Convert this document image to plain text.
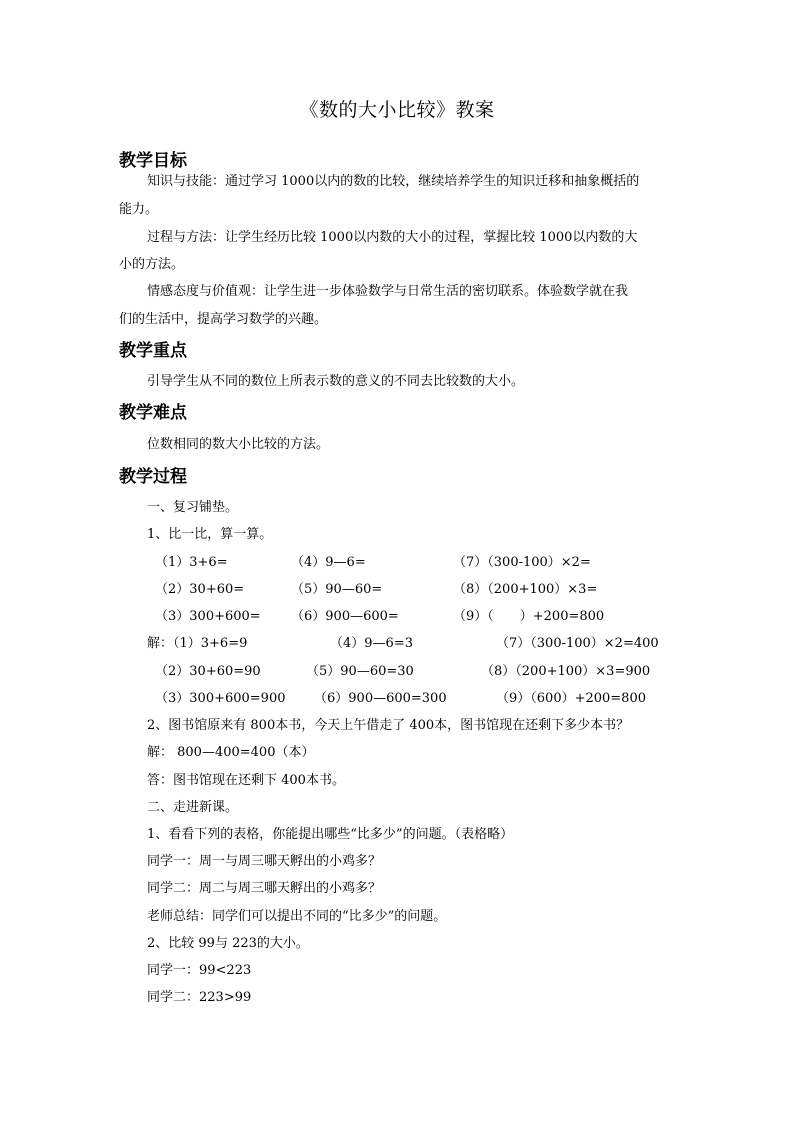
《数的大小比较》教案
教学目标
知识与技能：通过学习 1000以内的数的比较，继续培养学生的知识迁移和抽象概括的
能力。
过程与方法：让学生经历比较 1000以内数的大小的过程，掌握比较 1000以内数的大
小的方法。
情感态度与价值观：让学生进一步体验数学与日常生活的密切联系。体验数学就在我
们的生活中，提高学习数学的兴趣。
教学重点
引导学生从不同的数位上所表示数的意义的不同去比较数的大小。
教学难点
位数相同的数大小比较的方法。
教学过程
一、复习铺垫。
1、比一比，算一算。
（1）3+6=	（4）9—6=	（7）（300-100）×2=
（2）30+60=	（5）90—60=	（8）（200+100）×3=
（3）300+600= （6）900—600=	（9）（　　）+200=800
解：（1）3+6=9	（4）9—6=3	（7）（300-100）×2=400
（2）30+60=90	（5）90—60=30	（8）（200+100）×3=900
（3）300+600=900 （6）900—600=300	（9）（600）+200=800
2、图书馆原来有 800本书，今天上午借走了 400本，图书馆现在还剩下多少本书？
解： 800—400=400（本）
答：图书馆现在还剩下 400本书。
二、走进新课。
1、看看下列的表格，你能提出哪些“比多少”的问题。（表格略）
同学一：周一与周三哪天孵出的小鸡多？
同学二：周二与周三哪天孵出的小鸡多？
老师总结：同学们可以提出不同的“比多少”的问题。
2、比较 99与 223的大小。
同学一：99<223
同学二：223>99
